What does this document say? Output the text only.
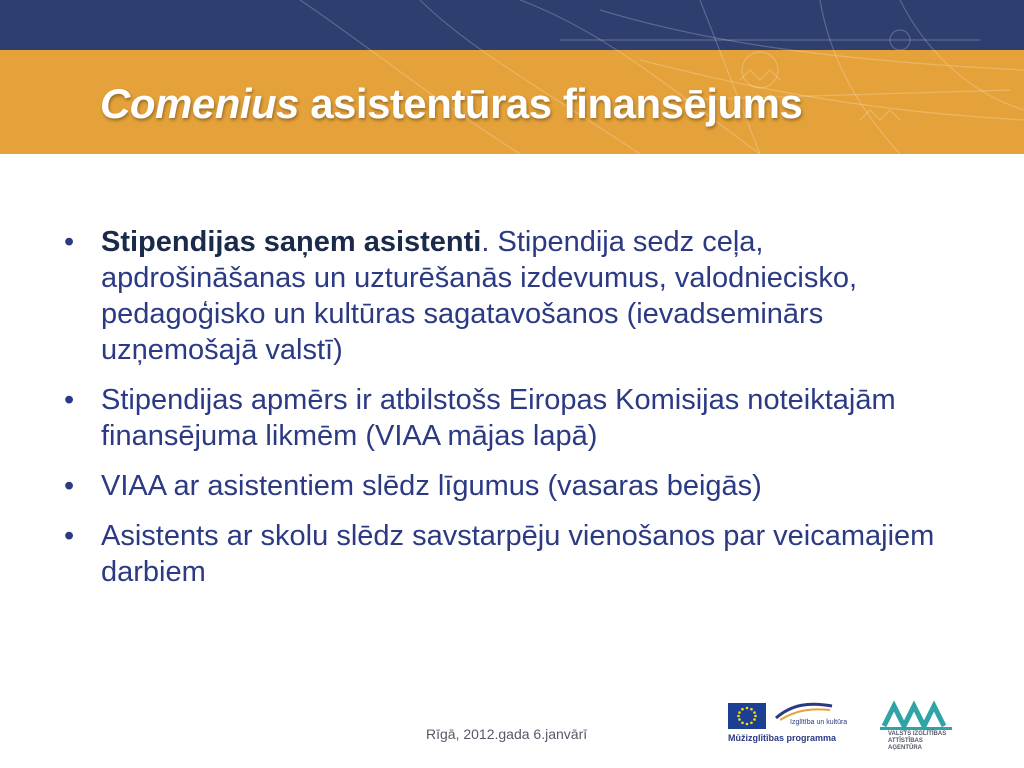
Comenius asistentūras finansējums
• Stipendijas saņem asistenti. Stipendija sedz ceļa, apdrošināšanas un uzturēšanās izdevumus, valodniecisko, pedagoģisko un kultūras sagatavošanos (ievadseminārs uzņemošajā valstī)
• Stipendijas apmērs ir atbilstošs Eiropas Komisijas noteiktajām finansējuma likmēm (VIAA mājas lapā)
• VIAA ar asistentiem slēdz līgumus (vasaras beigās)
• Asistents ar skolu slēdz savstarpēju vienošanos par veicamajiem darbiem
Rīgā, 2012.gada 6.janvārī
Izglītība un kultūra
Mūžizglītības programma	VALSTS IZGLĪTĪBAS ATTĪSTĪBAS AĢENTŪRA
